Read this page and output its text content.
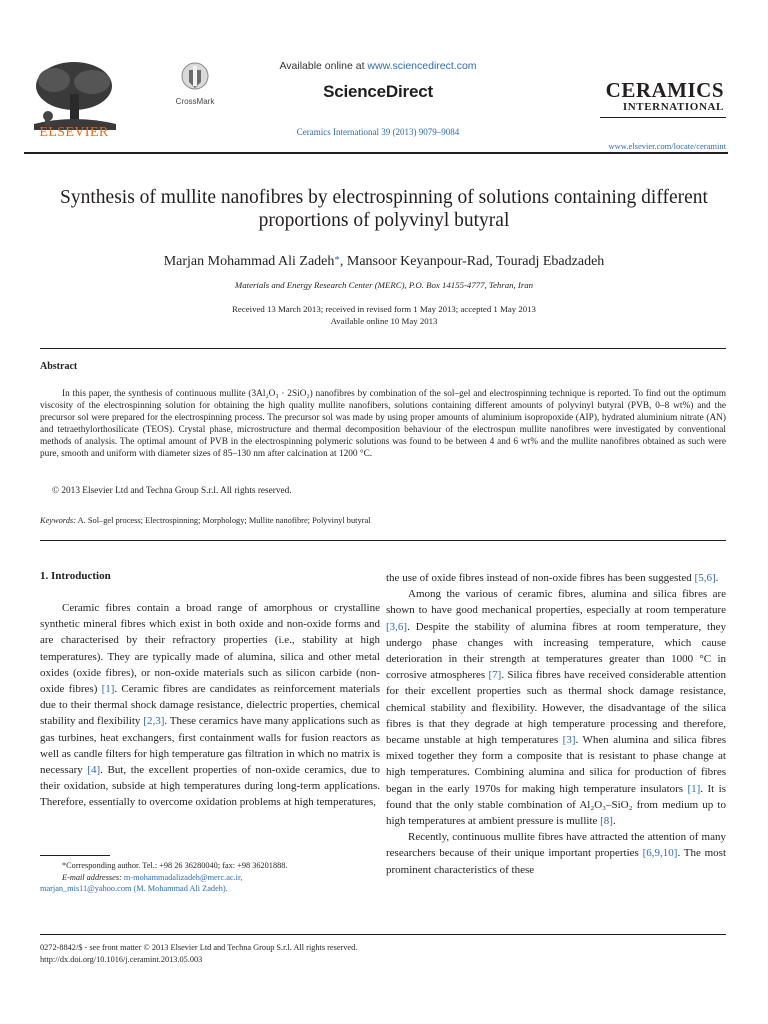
ELSEVIER
CrossMark
Available online at www.sciencedirect.com
ScienceDirect
Ceramics International 39 (2013) 9079–9084
CERAMICS
INTERNATIONAL
www.elsevier.com/locate/ceramint
Synthesis of mullite nanofibres by electrospinning of solutions containing different proportions of polyvinyl butyral
Marjan Mohammad Ali Zadeh*, Mansoor Keyanpour-Rad, Touradj Ebadzadeh
Materials and Energy Research Center (MERC), P.O. Box 14155-4777, Tehran, Iran
Received 13 March 2013; received in revised form 1 May 2013; accepted 1 May 2013
Available online 10 May 2013
Abstract
In this paper, the synthesis of continuous mullite (3Al₂O₃ · 2SiO₂) nanofibres by combination of the sol–gel and electrospinning technique is reported. To find out the optimum viscosity of the electrospinning solution for obtaining the high quality mullite nanofibers, solutions containing different amounts of polyvinyl butyral (PVB, 0–8 wt%) and the precursor sol were prepared for the electrospinning process. The precursor sol was made by using proper amounts of aluminium isopropoxide (AIP), hydrated aluminium nitrate (AN) and tetraethylorthosilicate (TEOS). Crystal phase, microstructure and thermal decomposition behaviour of the electrospun mullite nanofibres were investigated by conventional methods of analysis. The optimal amount of PVB in the electrospinning polymeric solutions was found to be between 4 and 6 wt% and the mullite nanofibres obtained as such were pure, smooth and uniform with diameter sizes of 85–130 nm after calcination at 1200 °C.
© 2013 Elsevier Ltd and Techna Group S.r.l. All rights reserved.
Keywords: A. Sol–gel process; Electrospinning; Morphology; Mullite nanofibre; Polyvinyl butyral
1. Introduction

Ceramic fibres contain a broad range of amorphous or crystalline synthetic mineral fibres which exist in both oxide and non-oxide forms and are characterised by their refractory properties (i.e., stability at high temperatures). They are typically made of alumina, silica and other metal oxides (oxide fibres), or non-oxide materials such as silicon carbide (non-oxide fibres) [1]. Ceramic fibres are candidates as reinforcement materials due to their thermal shock damage resistance, dielectric properties, chemical stability and flexibility [2,3]. These ceramics have many applications such as gas turbines, heat exchangers, first containment walls for fusion reactors as well as candle filters for high temperature gas filtration in which no matrix is necessary [4]. But, the excellent properties of non-oxide ceramics, due to their oxidation, subside at high temperatures during long-term applications. Therefore, essentially to overcome oxidation problems at high temperatures,

the use of oxide fibres instead of non-oxide fibres has been suggested [5,6].

Among the various of ceramic fibres, alumina and silica fibres are shown to have good mechanical properties, especially at room temperature [3,6]. Despite the stability of alumina fibres at room temperature, they undergo phase changes with increasing temperature, which cause deterioration in their strength at temperatures greater than 1000 °C in corrosive atmospheres [7]. Silica fibres have received considerable attention for their excellent properties such as thermal shock damage resistance, chemical stability and flexibility. However, the disadvantage of the silica fibres is that they degrade at high temperature processing and therefore, became unstable at high temperatures [3]. When alumina and silica fibres mixed together they form a composite that is resistant to phase change at high temperatures. Combining alumina and silica for production of fibres began in the early 1970s for making high temperature insulators [1]. It is found that the only stable combination of Al₂O₃–SiO₂ from medium up to high temperatures at ambient pressure is mullite [8].

Recently, continuous mullite fibres have attracted the attention of many researchers because of their unique important properties [6,9,10]. The most prominent characteristics of these

*Corresponding author. Tel.: +98 26 36280040; fax: +98 36201888.
E-mail addresses: m-mohammadalizadeh@merc.ac.ir,
marjan_mis11@yahoo.com (M. Mohammad Ali Zadeh).
0272-8842/$ - see front matter © 2013 Elsevier Ltd and Techna Group S.r.l. All rights reserved.
http://dx.doi.org/10.1016/j.ceramint.2013.05.003
